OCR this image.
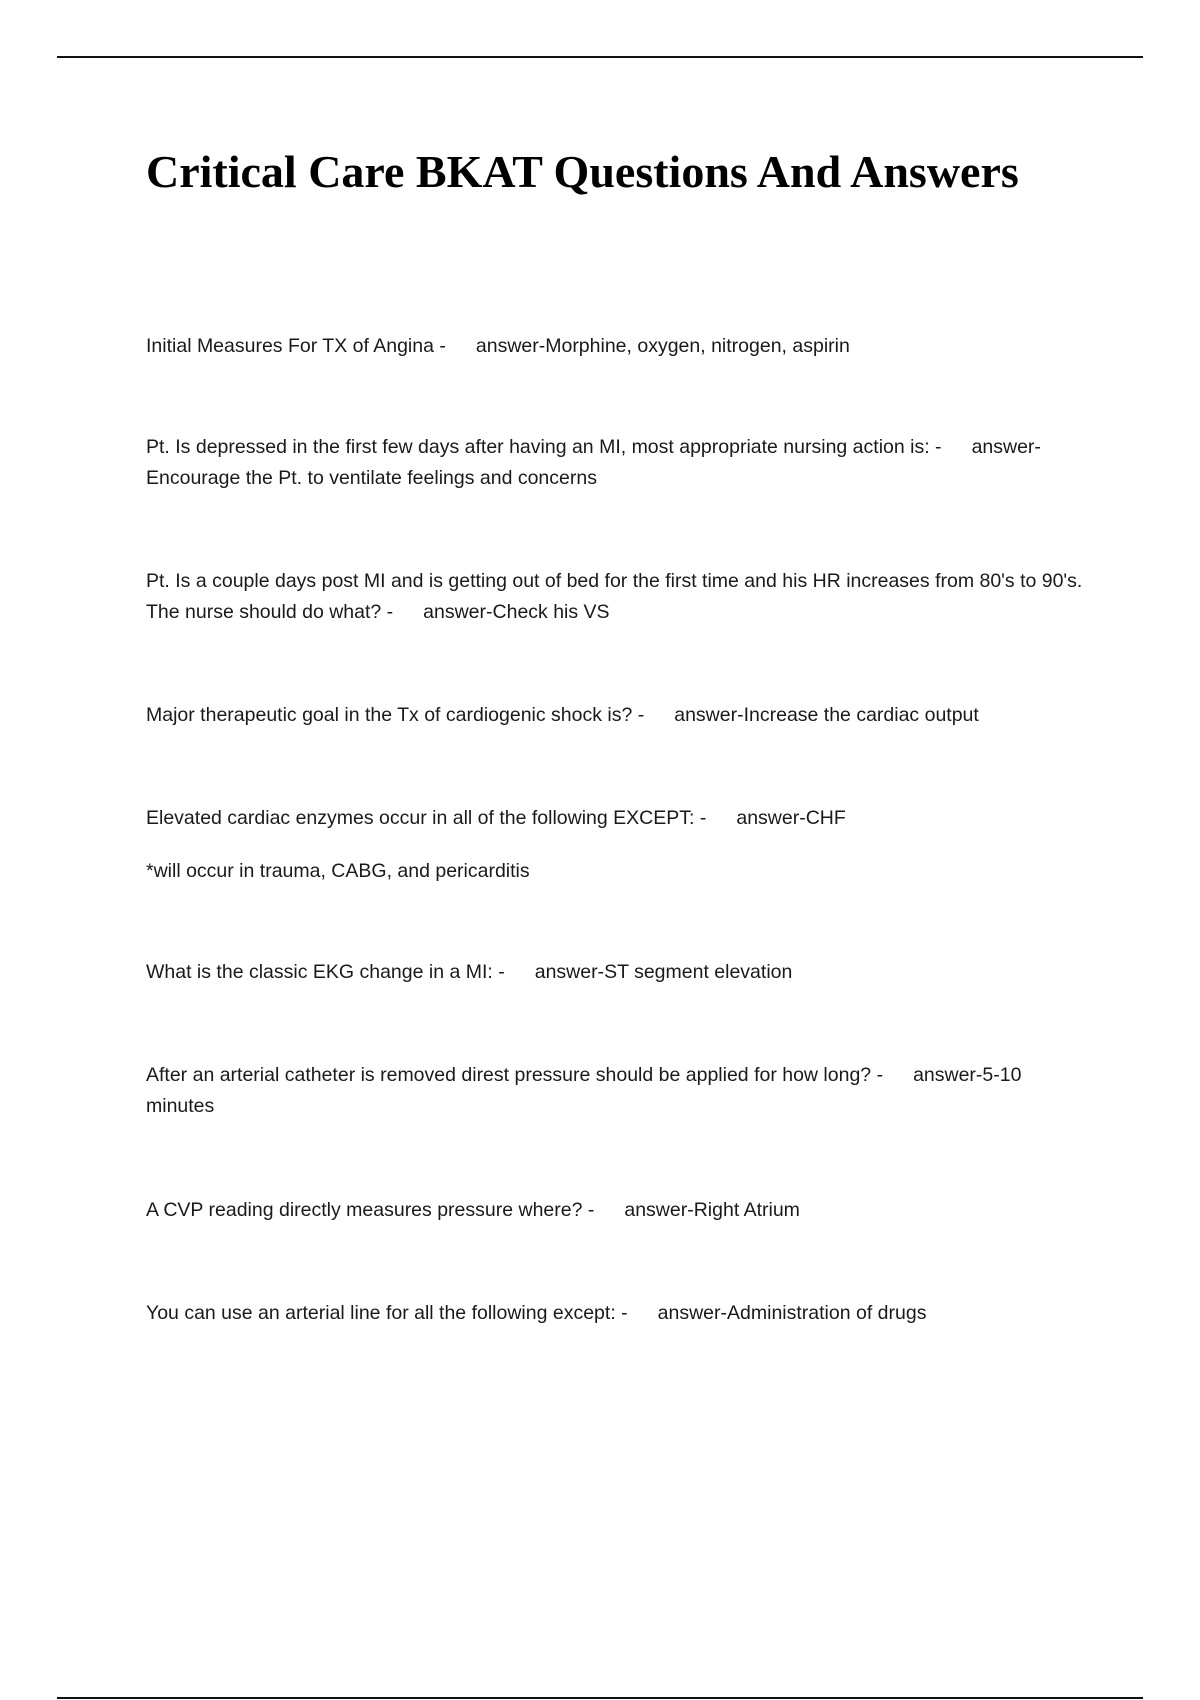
Critical Care BKAT Questions And Answers

Initial Measures For TX of Angina - answer-Morphine, oxygen, nitrogen, aspirin

Pt. Is depressed in the first few days after having an MI, most appropriate nursing action is: - answer-Encourage the Pt. to ventilate feelings and concerns

Pt. Is a couple days post MI and is getting out of bed for the first time and his HR increases from 80's to 90's. The nurse should do what? - answer-Check his VS

Major therapeutic goal in the Tx of cardiogenic shock is? - answer-Increase the cardiac output

Elevated cardiac enzymes occur in all of the following EXCEPT: - answer-CHF

*will occur in trauma, CABG, and pericarditis

What is the classic EKG change in a MI: - answer-ST segment elevation

After an arterial catheter is removed direst pressure should be applied for how long? - answer-5-10 minutes

A CVP reading directly measures pressure where? - answer-Right Atrium

You can use an arterial line for all the following except: - answer-Administration of drugs
